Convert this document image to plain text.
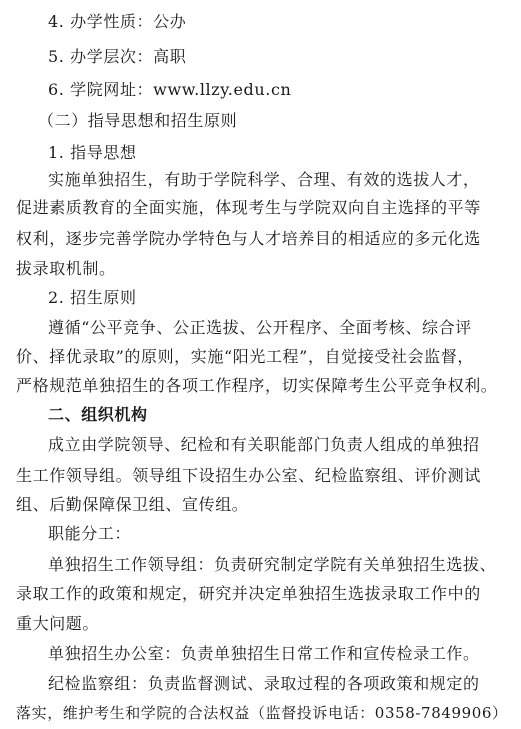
4. 办学性质：公办
5. 办学层次：高职
6. 学院网址：www.llzy.edu.cn
（二）指导思想和招生原则
1. 指导思想
实施单独招生，有助于学院科学、合理、有效的选拔人才，
促进素质教育的全面实施，体现考生与学院双向自主选择的平等
权利，逐步完善学院办学特色与人才培养目的相适应的多元化选
拔录取机制。
2. 招生原则
遵循“公平竞争、公正选拔、公开程序、全面考核、综合评
价、择优录取”的原则，实施“阳光工程”，自觉接受社会监督，
严格规范单独招生的各项工作程序，切实保障考生公平竞争权利。
二、组织机构
成立由学院领导、纪检和有关职能部门负责人组成的单独招
生工作领导组。领导组下设招生办公室、纪检监察组、评价测试
组、后勤保障保卫组、宣传组。
职能分工：
单独招生工作领导组：负责研究制定学院有关单独招生选拔、
录取工作的政策和规定，研究并决定单独招生选拔录取工作中的
重大问题。
单独招生办公室：负责单独招生日常工作和宣传检录工作。
纪检监察组：负责监督测试、录取过程的各项政策和规定的
落实，维护考生和学院的合法权益（监督投诉电话：0358-7849906）
